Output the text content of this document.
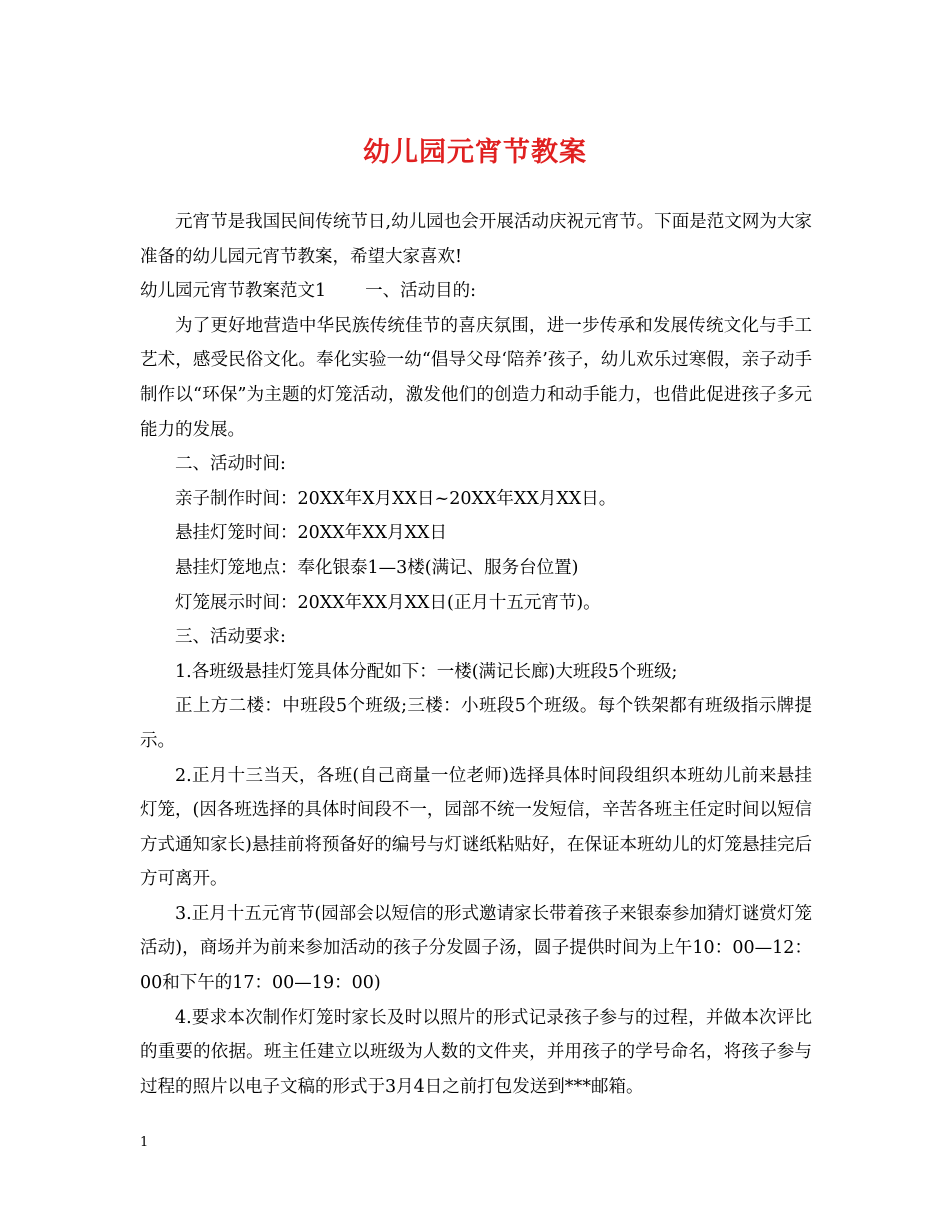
幼儿园元宵节教案

元宵节是我国民间传统节日,幼儿园也会开展活动庆祝元宵节。下面是范文网为大家准备的幼儿园元宵节教案，希望大家喜欢!

幼儿园元宵节教案范文1 一、活动目的:

为了更好地营造中华民族传统佳节的喜庆氛围，进一步传承和发展传统文化与手工艺术，感受民俗文化。奉化实验一幼“倡导父母‘陪养’孩子，幼儿欢乐过寒假，亲子动手制作以“环保”为主题的灯笼活动，激发他们的创造力和动手能力，也借此促进孩子多元能力的发展。

二、活动时间:

亲子制作时间：20XX年X月XX日~20XX年XX月XX日。

悬挂灯笼时间：20XX年XX月XX日

悬挂灯笼地点：奉化银泰1—3楼(满记、服务台位置)

灯笼展示时间：20XX年XX月XX日(正月十五元宵节)。

三、活动要求:

1.各班级悬挂灯笼具体分配如下：一楼(满记长廊)大班段5个班级;

正上方二楼：中班段5个班级;三楼：小班段5个班级。每个铁架都有班级指示牌提示。

2.正月十三当天，各班(自己商量一位老师)选择具体时间段组织本班幼儿前来悬挂灯笼，(因各班选择的具体时间段不一，园部不统一发短信，辛苦各班主任定时间以短信方式通知家长)悬挂前将预备好的编号与灯谜纸粘贴好，在保证本班幼儿的灯笼悬挂完后方可离开。

3.正月十五元宵节(园部会以短信的形式邀请家长带着孩子来银泰参加猜灯谜赏灯笼活动)，商场并为前来参加活动的孩子分发圆子汤，圆子提供时间为上午10：00—12：00和下午的17：00—19：00)

4.要求本次制作灯笼时家长及时以照片的形式记录孩子参与的过程，并做本次评比的重要的依据。班主任建立以班级为人数的文件夹，并用孩子的学号命名，将孩子参与过程的照片以电子文稿的形式于3月4日之前打包发送到***邮箱。

1
